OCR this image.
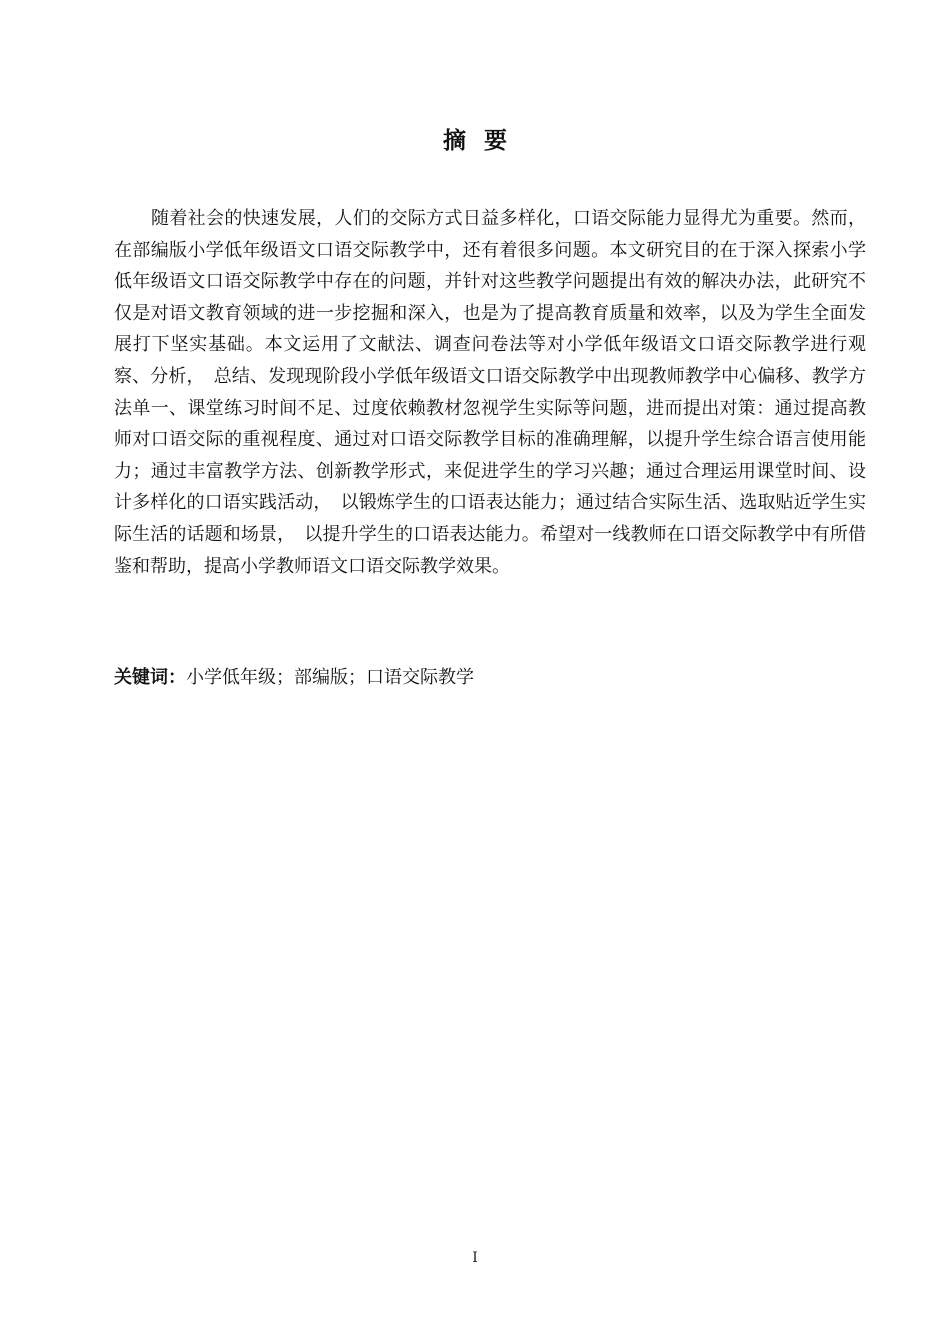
摘要

随着社会的快速发展，人们的交际方式日益多样化，口语交际能力显得尤为重要。然而，在部编版小学低年级语文口语交际教学中，还有着很多问题。本文研究目的在于深入探索小学低年级语文口语交际教学中存在的问题，并针对这些教学问题提出有效的解决办法，此研究不仅是对语文教育领域的进一步挖掘和深入，也是为了提高教育质量和效率，以及为学生全面发展打下坚实基础。本文运用了文献法、调查问卷法等对小学低年级语文口语交际教学进行观察、分析，　总结、发现现阶段小学低年级语文口语交际教学中出现教师教学中心偏移、教学方法单一、课堂练习时间不足、过度依赖教材忽视学生实际等问题，进而提出对策：通过提高教师对口语交际的重视程度、通过对口语交际教学目标的准确理解，以提升学生综合语言使用能力；通过丰富教学方法、创新教学形式，来促进学生的学习兴趣；通过合理运用课堂时间、设计多样化的口语实践活动，　以锻炼学生的口语表达能力；通过结合实际生活、选取贴近学生实际生活的话题和场景，　以提升学生的口语表达能力。希望对一线教师在口语交际教学中有所借鉴和帮助，提高小学教师语文口语交际教学效果。

关键词：小学低年级；部编版；口语交际教学
I
